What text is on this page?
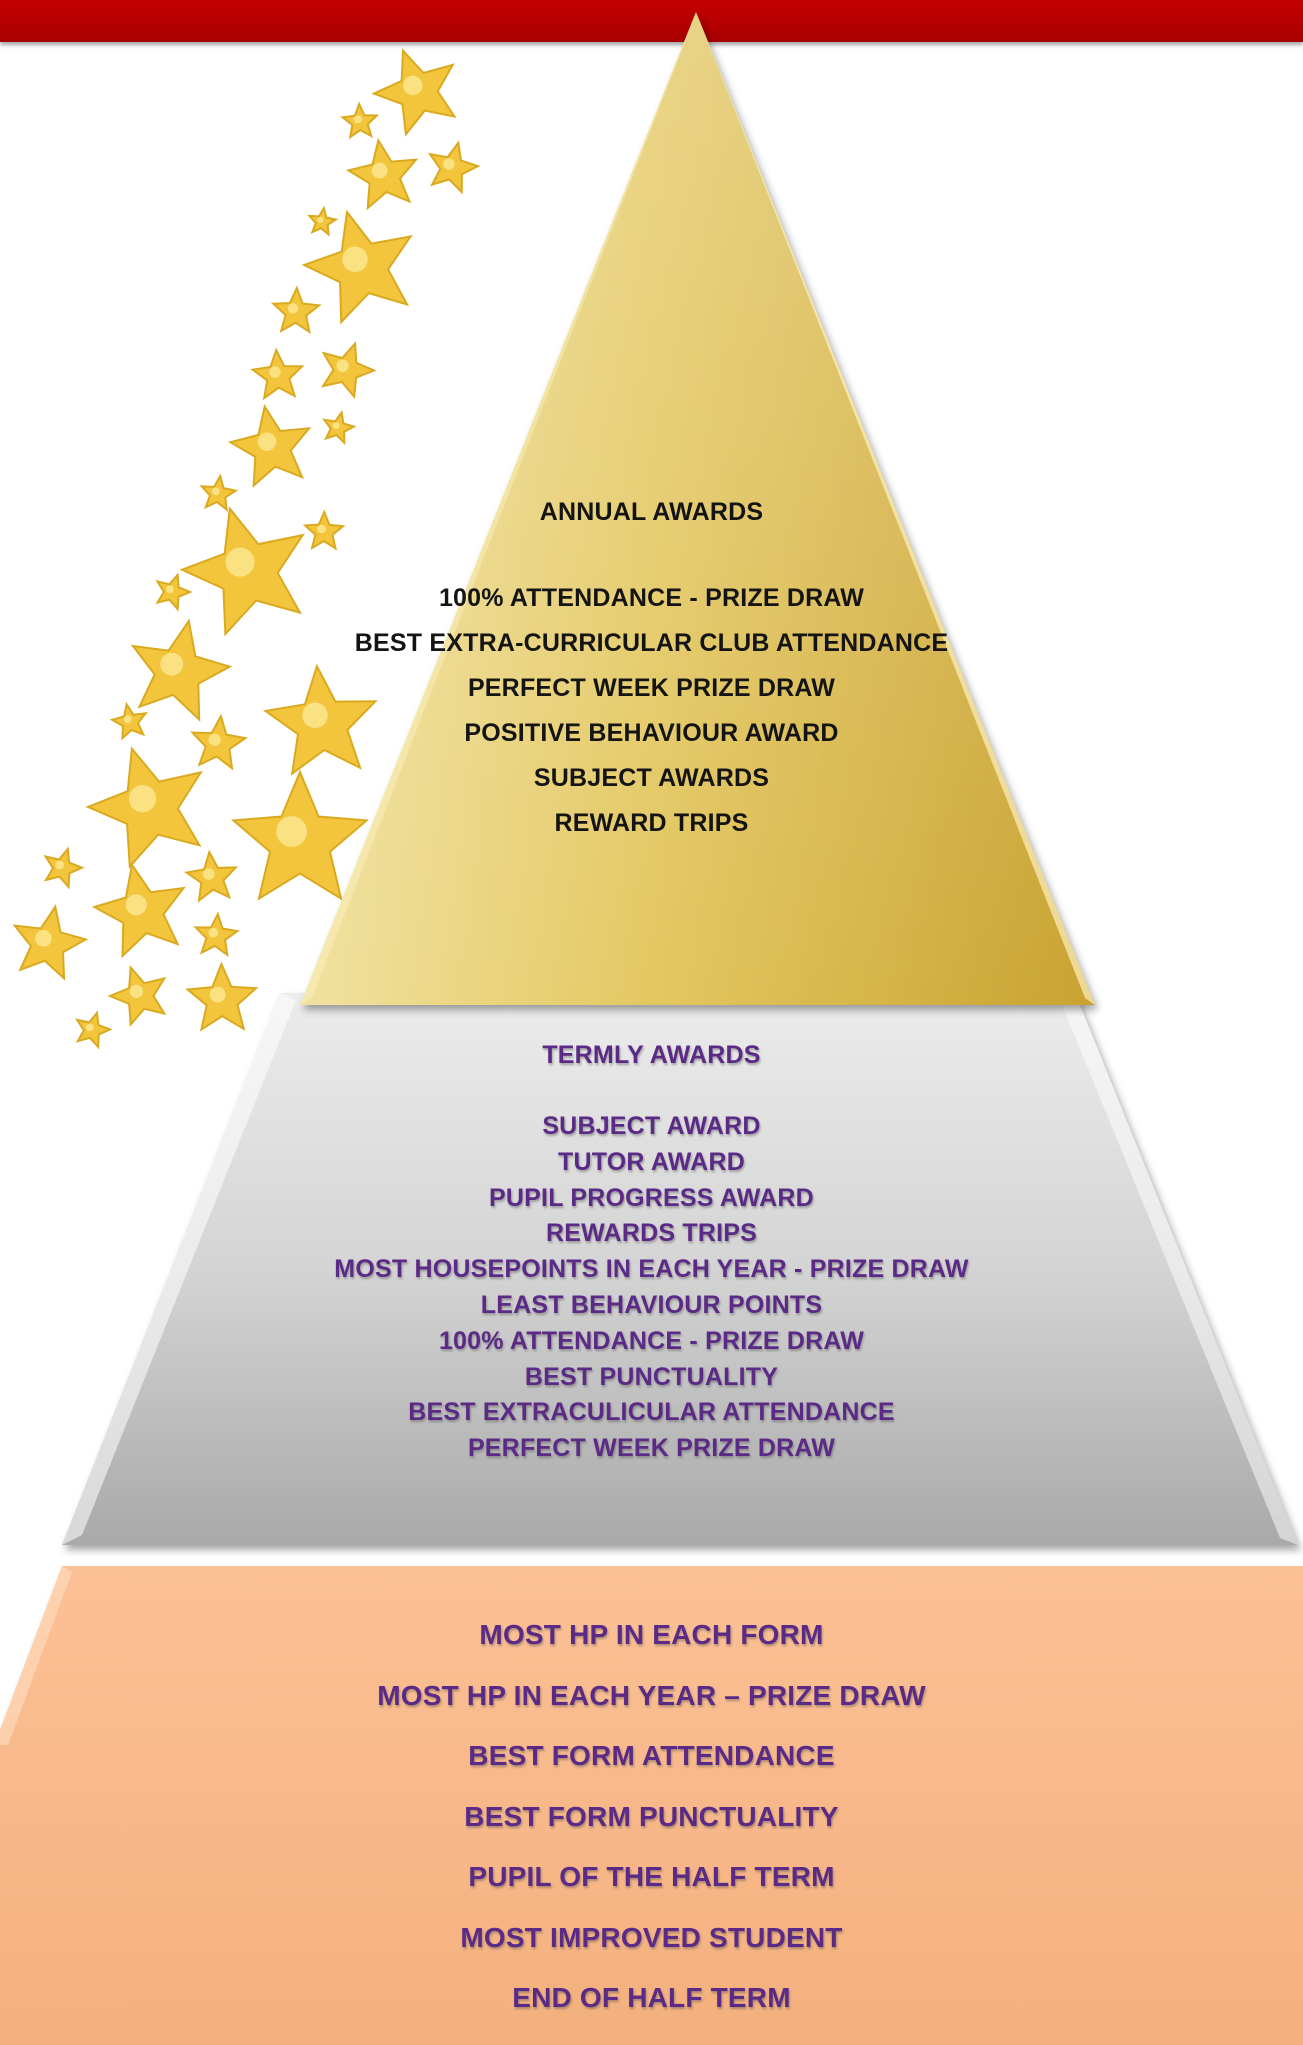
ANNUAL AWARDS
100% ATTENDANCE - PRIZE DRAW
BEST EXTRA-CURRICULAR CLUB ATTENDANCE
PERFECT WEEK PRIZE DRAW
POSITIVE BEHAVIOUR AWARD
SUBJECT AWARDS
REWARD TRIPS
TERMLY AWARDS
SUBJECT AWARD
TUTOR AWARD
PUPIL PROGRESS AWARD
REWARDS TRIPS
MOST HOUSEPOINTS IN EACH YEAR - PRIZE DRAW
LEAST BEHAVIOUR POINTS
100% ATTENDANCE - PRIZE DRAW
BEST PUNCTUALITY
BEST EXTRACULICULAR ATTENDANCE
PERFECT WEEK PRIZE DRAW
MOST HP IN EACH FORM
MOST HP IN EACH YEAR – PRIZE DRAW
BEST FORM ATTENDANCE
BEST FORM PUNCTUALITY
PUPIL OF THE HALF TERM
MOST IMPROVED STUDENT
END OF HALF TERM
